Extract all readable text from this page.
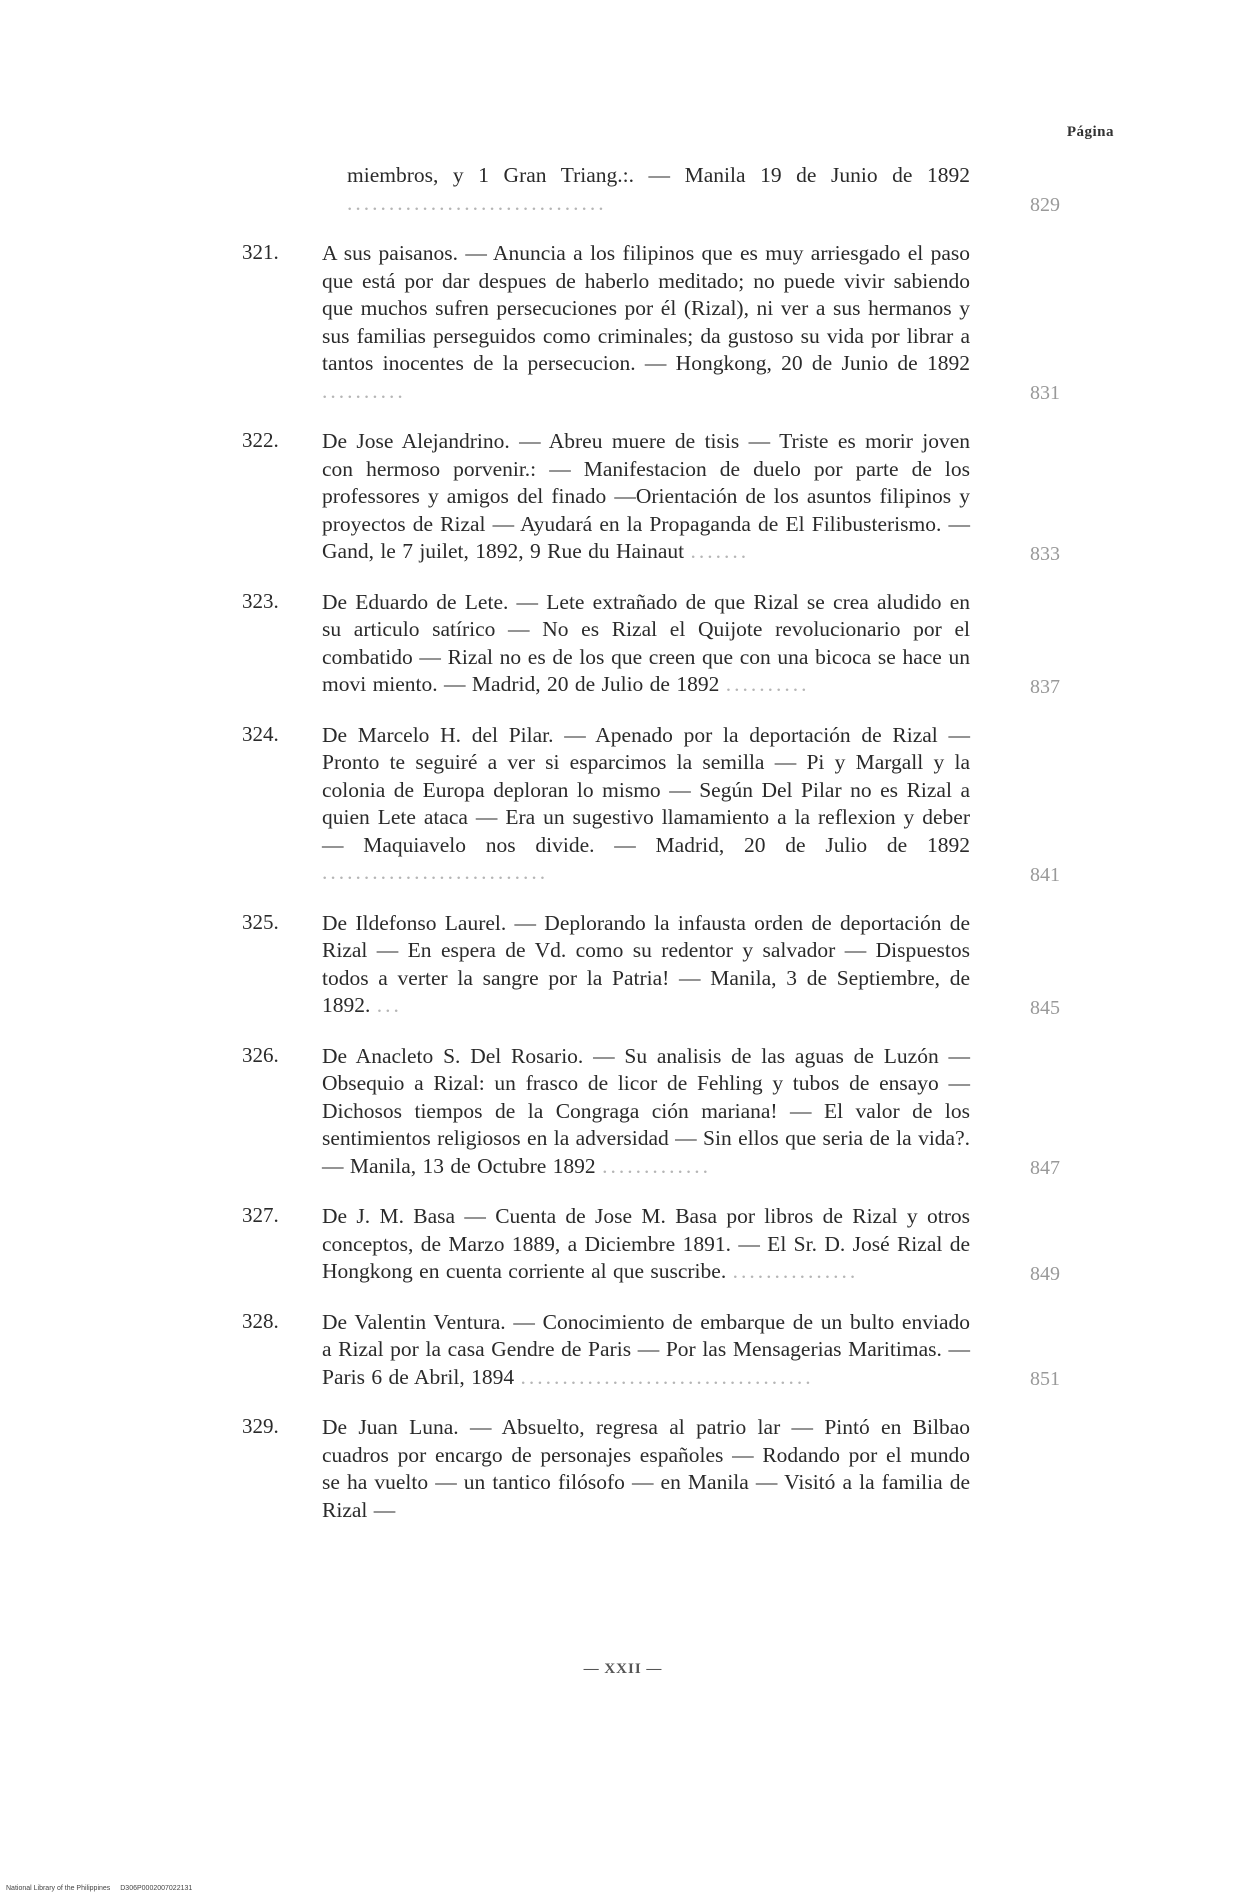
Página
miembros, y 1 Gran Triang.:. — Manila 19 de Junio de 1892 ...............................	829
321. A sus paisanos. — Anuncia a los filipinos que es muy arriesgado el paso que está por dar despues de haberlo meditado; no puede vivir sabiendo que muchos sufren persecuciones por él (Rizal), ni ver a sus hermanos y sus familias perseguidos como criminales; da gustoso su vida por librar a tantos inocentes de la persecucion. — Hongkong, 20 de Junio de 1892 ..........	831
322. De Jose Alejandrino. — Abreu muere de tisis — Triste es morir joven con hermoso porvenir.: — Manifestacion de duelo por parte de los professores y amigos del finado —Orientación de los asuntos filipinos y proyectos de Rizal — Ayudará en la Propaganda de El Filibusterismo. — Gand, le 7 juilet, 1892, 9 Rue du Hainaut .......	833
323. De Eduardo de Lete. — Lete extrañado de que Rizal se crea aludido en su articulo satírico — No es Rizal el Quijote revolucionario por el combatido — Rizal no es de los que creen que con una bicoca se hace un movi miento. — Madrid, 20 de Julio de 1892 ..........	837
324. De Marcelo H. del Pilar. — Apenado por la deportación de Rizal — Pronto te seguiré a ver si esparcimos la semilla — Pi y Margall y la colonia de Europa deploran lo mismo — Según Del Pilar no es Rizal a quien Lete ataca — Era un sugestivo llamamiento a la reflexion y deber — Maquiavelo nos divide. — Madrid, 20 de Julio de 1892 ...........................	841
325. De Ildefonso Laurel. — Deplorando la infausta orden de deportación de Rizal — En espera de Vd. como su redentor y salvador — Dispuestos todos a verter la sangre por la Patria! — Manila, 3 de Septiembre, de 1892. ...	845
326. De Anacleto S. Del Rosario. — Su analisis de las aguas de Luzón — Obsequio a Rizal: un frasco de licor de Fehling y tubos de ensayo — Dichosos tiempos de la Congraga ción mariana! — El valor de los sentimientos religiosos en la adversidad — Sin ellos que seria de la vida?. — Manila, 13 de Octubre 1892 .............	847
327. De J. M. Basa — Cuenta de Jose M. Basa por libros de Rizal y otros conceptos, de Marzo 1889, a Diciembre 1891. — El Sr. D. José Rizal de Hongkong en cuenta corriente al que suscribe. ...............	849
328. De Valentin Ventura. — Conocimiento de embarque de un bulto enviado a Rizal por la casa Gendre de Paris — Por las Mensagerias Maritimas. — Paris 6 de Abril, 1894 ...................................	851
329. De Juan Luna. — Absuelto, regresa al patrio lar — Pintó en Bilbao cuadros por encargo de personajes españoles — Rodando por el mundo se ha vuelto — un tantico filósofo — en Manila — Visitó a la familia de Rizal —
— XXII —
National Library of the Philippines D306P0002007022131
